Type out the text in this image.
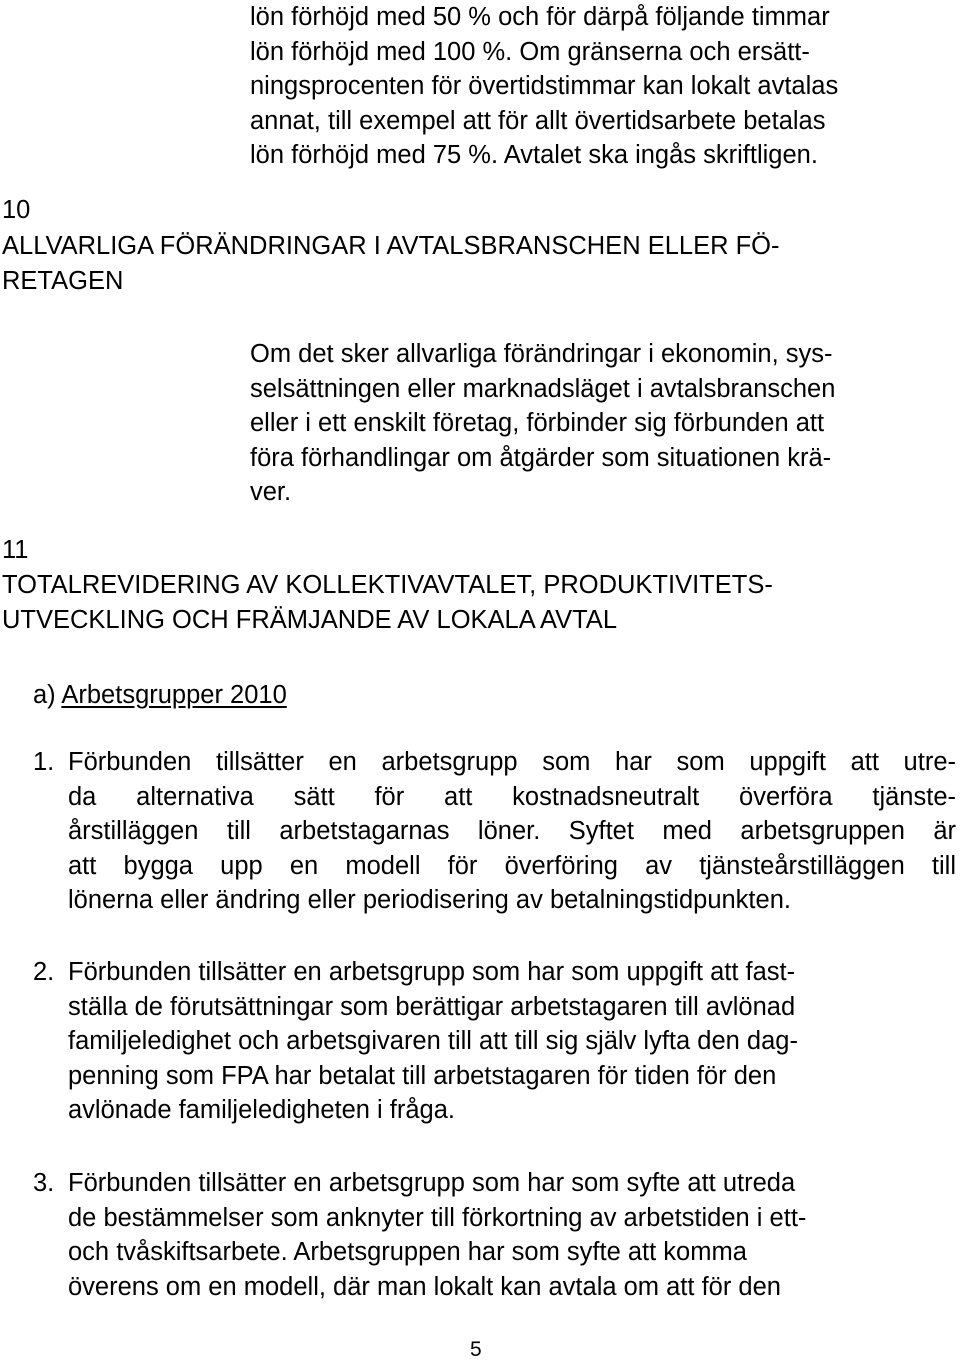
lön förhöjd med 50 % och för därpå följande timmar
lön förhöjd med 100 %. Om gränserna och ersätt-
ningsprocenten för övertidstimmar kan lokalt avtalas
annat, till exempel att för allt övertidsarbete betalas
lön förhöjd med 75 %. Avtalet ska ingås skriftligen.
10
ALLVARLIGA FÖRÄNDRINGAR I AVTALSBRANSCHEN ELLER FÖ-
RETAGEN
Om det sker allvarliga förändringar i ekonomin, sys-
selsättningen eller marknadsläget i avtalsbranschen
eller i ett enskilt företag, förbinder sig förbunden att
föra förhandlingar om åtgärder som situationen krä-
ver.
11
TOTALREVIDERING AV KOLLEKTIVAVTALET, PRODUKTIVITETS-
UTVECKLING OCH FRÄMJANDE AV LOKALA AVTAL
a) Arbetsgrupper 2010
1. Förbunden tillsätter en arbetsgrupp som har som uppgift att utre-
da alternativa sätt för att kostnadsneutralt överföra tjänste-
årstilläggen till arbetstagarnas löner. Syftet med arbetsgruppen är
att bygga upp en modell för överföring av tjänsteårstilläggen till
lönerna eller ändring eller periodisering av betalningstidpunkten.
2. Förbunden tillsätter en arbetsgrupp som har som uppgift att fast-
ställa de förutsättningar som berättigar arbetstagaren till avlönad
familjeledighet och arbetsgivaren till att till sig själv lyfta den dag-
penning som FPA har betalat till arbetstagaren för tiden för den
avlönade familjeledigheten i fråga.
3. Förbunden tillsätter en arbetsgrupp som har som syfte att utreda
de bestämmelser som anknyter till förkortning av arbetstiden i ett-
och tvåskiftsarbete. Arbetsgruppen har som syfte att komma
överens om en modell, där man lokalt kan avtala om att för den
5
